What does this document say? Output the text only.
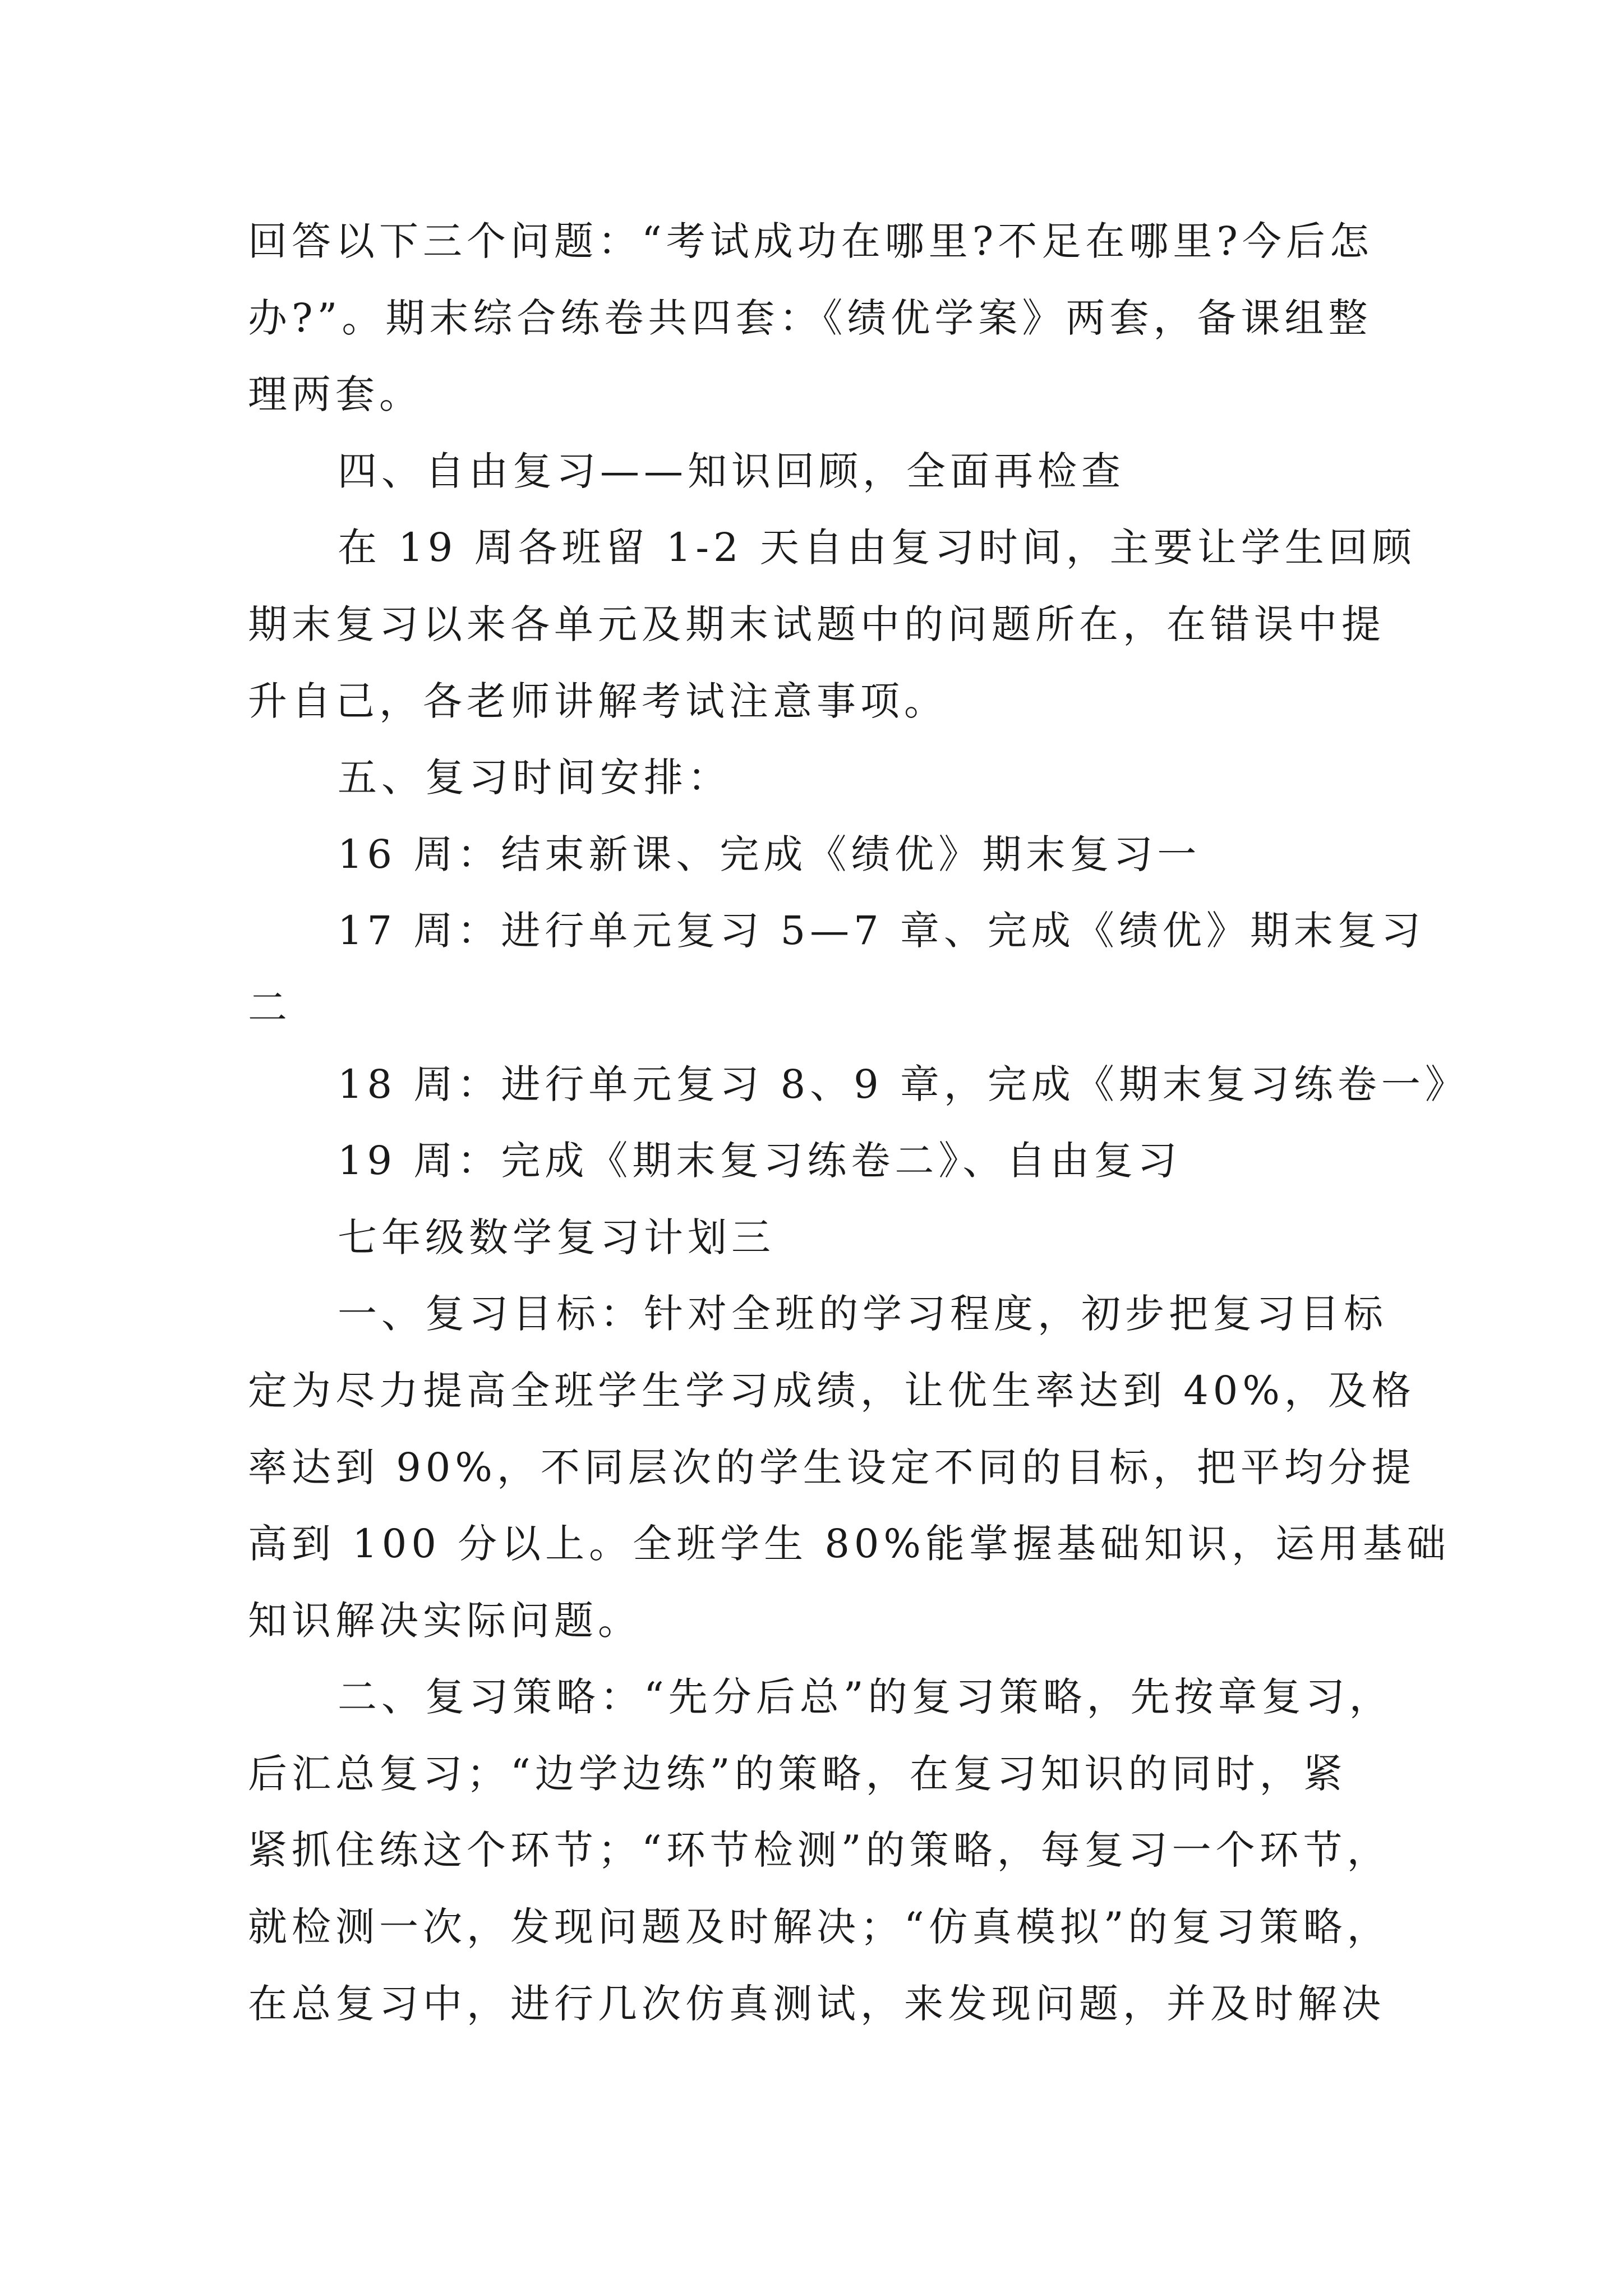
回答以下三个问题：“考试成功在哪里?不足在哪里?今后怎
办?”。期末综合练卷共四套：《绩优学案》两套，备课组整
理两套。
四、自由复习——知识回顾，全面再检查
在 19 周各班留 1-2 天自由复习时间，主要让学生回顾
期末复习以来各单元及期末试题中的问题所在，在错误中提
升自己，各老师讲解考试注意事项。
五、复习时间安排：
16 周：结束新课、完成《绩优》期末复习一
17 周：进行单元复习 5—7 章、完成《绩优》期末复习
二
18 周：进行单元复习 8、9 章，完成《期末复习练卷一》
19 周：完成《期末复习练卷二》、自由复习
七年级数学复习计划三
一、复习目标：针对全班的学习程度，初步把复习目标
定为尽力提高全班学生学习成绩，让优生率达到 40%，及格
率达到 90%，不同层次的学生设定不同的目标，把平均分提
高到 100 分以上。全班学生 80%能掌握基础知识，运用基础
知识解决实际问题。
二、复习策略：“先分后总”的复习策略，先按章复习，
后汇总复习；“边学边练”的策略，在复习知识的同时，紧
紧抓住练这个环节；“环节检测”的策略，每复习一个环节，
就检测一次，发现问题及时解决；“仿真模拟”的复习策略，
在总复习中，进行几次仿真测试，来发现问题，并及时解决
